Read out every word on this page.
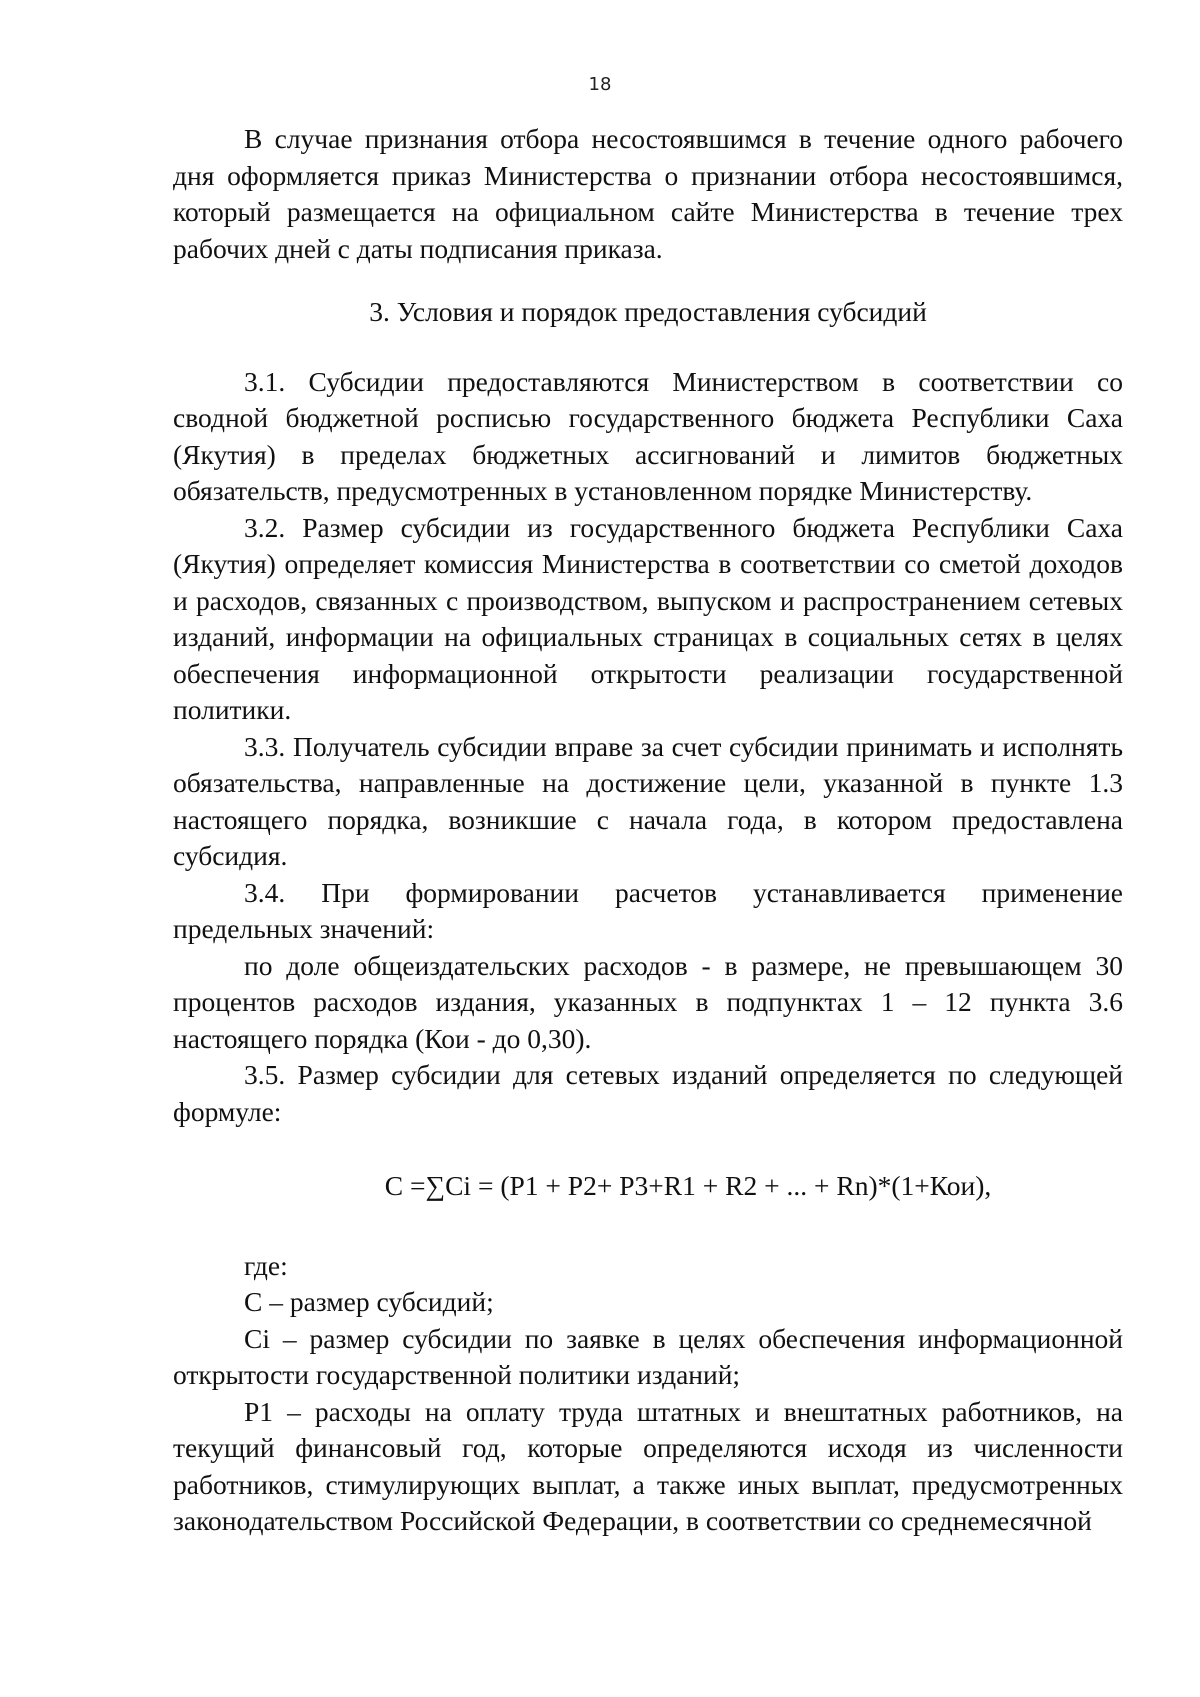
18

В случае признания отбора несостоявшимся в течение одного рабочего дня оформляется приказ Министерства о признании отбора несостоявшимся, который размещается на официальном сайте Министерства в течение трех рабочих дней с даты подписания приказа.

3. Условия и порядок предоставления субсидий

3.1. Субсидии предоставляются Министерством в соответствии со сводной бюджетной росписью государственного бюджета Республики Саха (Якутия) в пределах бюджетных ассигнований и лимитов бюджетных обязательств, предусмотренных в установленном порядке Министерству.

3.2. Размер субсидии из государственного бюджета Республики Саха (Якутия) определяет комиссия Министерства в соответствии со сметой доходов и расходов, связанных с производством, выпуском и распространением сетевых изданий, информации на официальных страницах в социальных сетях в целях обеспечения информационной открытости реализации государственной политики.

3.3. Получатель субсидии вправе за счет субсидии принимать и исполнять обязательства, направленные на достижение цели, указанной в пункте 1.3 настоящего порядка, возникшие с начала года, в котором предоставлена субсидия.

3.4. При формировании расчетов устанавливается применение предельных значений:

по доле общеиздательских расходов - в размере, не превышающем 30 процентов расходов издания, указанных в подпунктах 1 – 12 пункта 3.6 настоящего порядка (Кои - до 0,30).

3.5. Размер субсидии для сетевых изданий определяется по следующей формуле:

С =∑Ci = (Р1 + Р2+ Р3+R1 + R2 + ... + Rn)*(1+Кои),

где:

С – размер субсидий;

Ci – размер субсидии по заявке в целях обеспечения информационной открытости государственной политики изданий;

Р1 – расходы на оплату труда штатных и внештатных работников, на текущий финансовый год, которые определяются исходя из численности работников, стимулирующих выплат, а также иных выплат, предусмотренных законодательством Российской Федерации, в соответствии со среднемесячной
